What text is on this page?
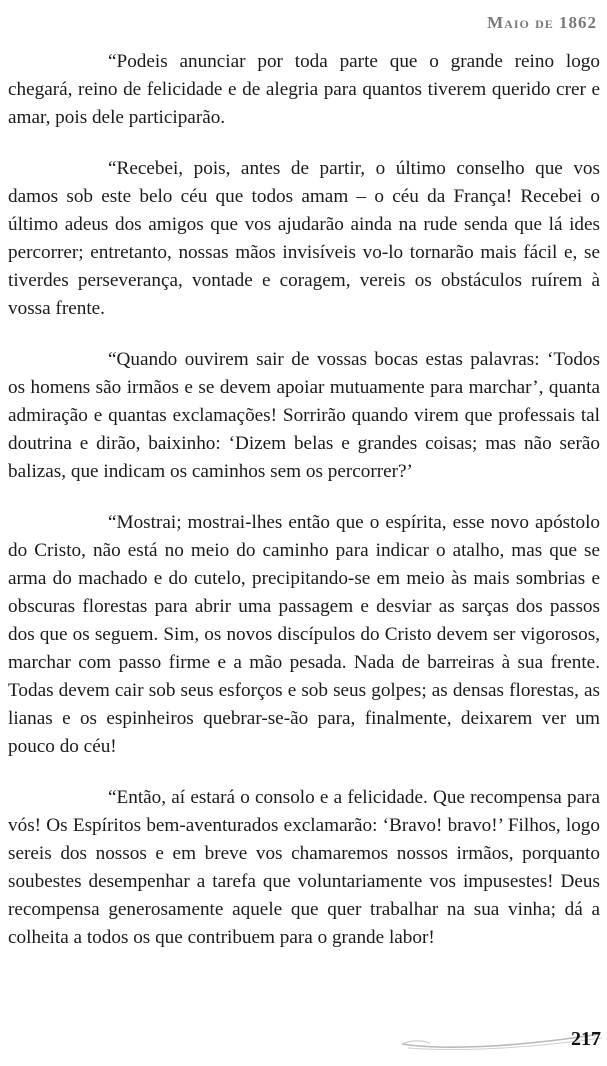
Maio de 1862

“Podeis anunciar por toda parte que o grande reino logo chegará, reino de felicidade e de alegria para quantos tiverem querido crer e amar, pois dele participarão.

“Recebei, pois, antes de partir, o último conselho que vos damos sob este belo céu que todos amam – o céu da França! Recebei o último adeus dos amigos que vos ajudarão ainda na rude senda que lá ides percorrer; entretanto, nossas mãos invisíveis vo-lo tornarão mais fácil e, se tiverdes perseverança, vontade e coragem, vereis os obstáculos ruírem à vossa frente.

“Quando ouvirem sair de vossas bocas estas palavras: ‘Todos os homens são irmãos e se devem apoiar mutuamente para marchar’, quanta admiração e quantas exclamações! Sorrirão quando virem que professais tal doutrina e dirão, baixinho: ‘Dizem belas e grandes coisas; mas não serão balizas, que indicam os caminhos sem os percorrer?’

“Mostrai; mostrai-lhes então que o espírita, esse novo apóstolo do Cristo, não está no meio do caminho para indicar o atalho, mas que se arma do machado e do cutelo, precipitando-se em meio às mais sombrias e obscuras florestas para abrir uma passagem e desviar as sarças dos passos dos que os seguem. Sim, os novos discípulos do Cristo devem ser vigorosos, marchar com passo firme e a mão pesada. Nada de barreiras à sua frente. Todas devem cair sob seus esforços e sob seus golpes; as densas florestas, as lianas e os espinheiros quebrar-se-ão para, finalmente, deixarem ver um pouco do céu!

“Então, aí estará o consolo e a felicidade. Que recompensa para vós! Os Espíritos bem-aventurados exclamarão: ‘Bravo! bravo!’ Filhos, logo sereis dos nossos e em breve vos chamaremos nossos irmãos, porquanto soubestes desempenhar a tarefa que voluntariamente vos impusestes! Deus recompensa generosamente aquele que quer trabalhar na sua vinha; dá a colheita a todos os que contribuem para o grande labor!

217
